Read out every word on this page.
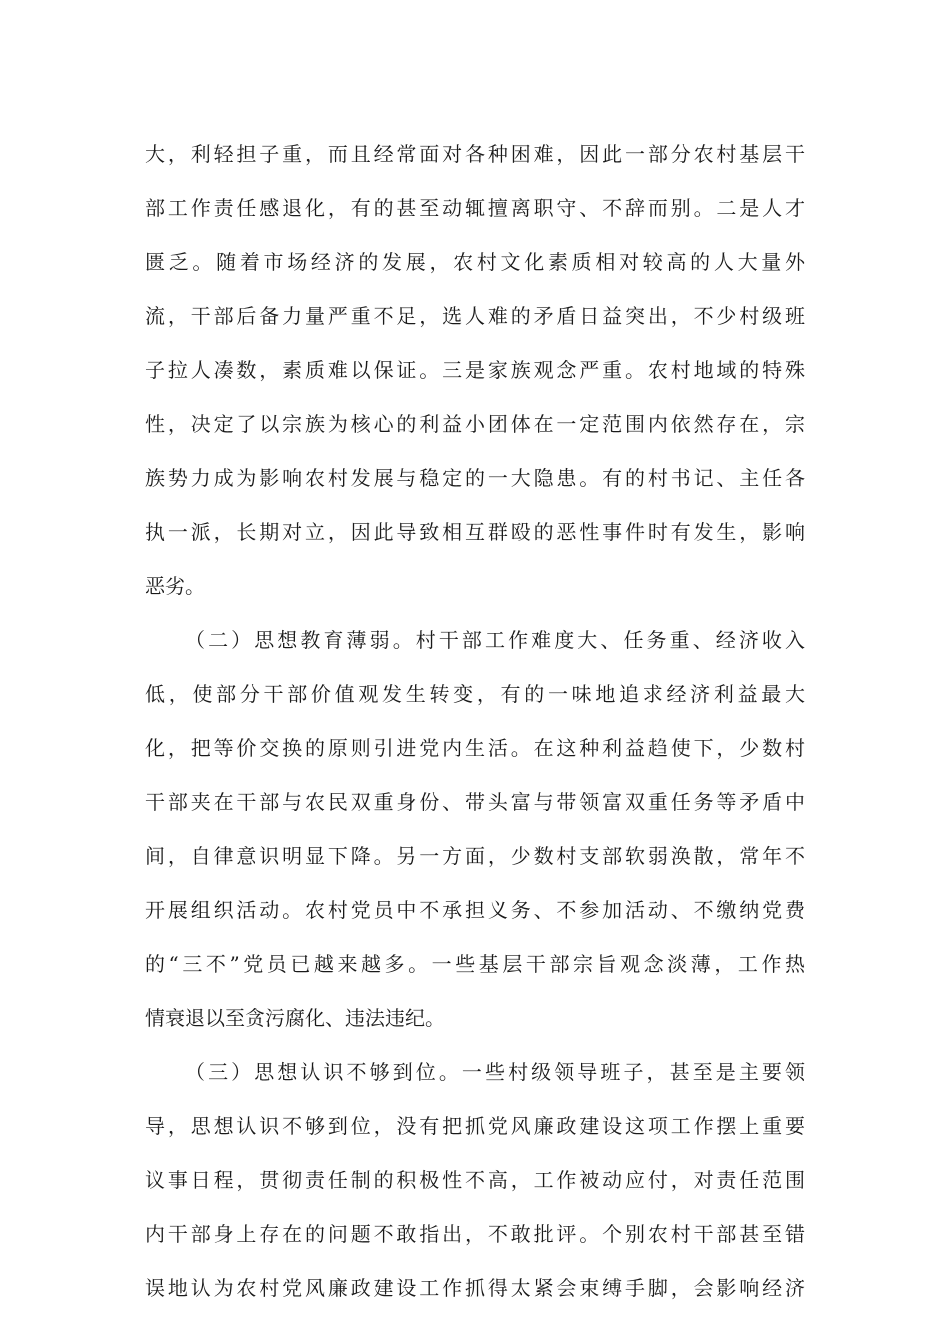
大，利轻担子重，而且经常面对各种困难，因此一部分农村基层干
部工作责任感退化，有的甚至动辄擅离职守、不辞而别。二是人才
匮乏。随着市场经济的发展，农村文化素质相对较高的人大量外
流，干部后备力量严重不足，选人难的矛盾日益突出，不少村级班
子拉人凑数，素质难以保证。三是家族观念严重。农村地域的特殊
性，决定了以宗族为核心的利益小团体在一定范围内依然存在，宗
族势力成为影响农村发展与稳定的一大隐患。有的村书记、主任各
执一派，长期对立，因此导致相互群殴的恶性事件时有发生，影响
恶劣。
（二）思想教育薄弱。村干部工作难度大、任务重、经济收入
低，使部分干部价值观发生转变，有的一味地追求经济利益最大
化，把等价交换的原则引进党内生活。在这种利益趋使下，少数村
干部夹在干部与农民双重身份、带头富与带领富双重任务等矛盾中
间，自律意识明显下降。另一方面，少数村支部软弱涣散，常年不
开展组织活动。农村党员中不承担义务、不参加活动、不缴纳党费
的“三不”党员已越来越多。一些基层干部宗旨观念淡薄，工作热
情衰退以至贪污腐化、违法违纪。
（三）思想认识不够到位。一些村级领导班子，甚至是主要领
导，思想认识不够到位，没有把抓党风廉政建设这项工作摆上重要
议事日程，贯彻责任制的积极性不高，工作被动应付，对责任范围
内干部身上存在的问题不敢指出，不敢批评。个别农村干部甚至错
误地认为农村党风廉政建设工作抓得太紧会束缚手脚，会影响经济
